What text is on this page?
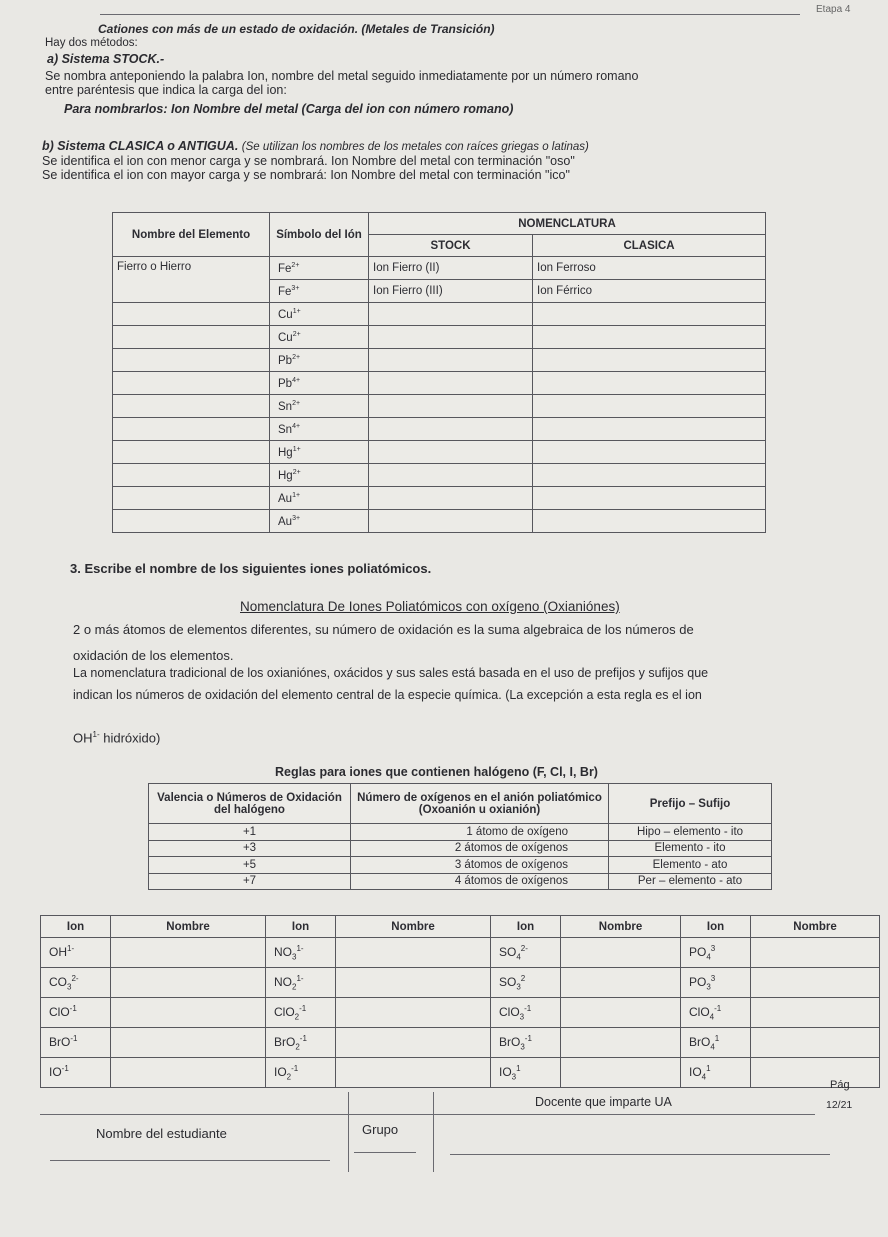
Etapa 4
Cationes con más de un estado de oxidación. (Metales de Transición)
Hay dos métodos:
a) Sistema STOCK.-
Se nombra anteponiendo la palabra Ion, nombre del metal seguido inmediatamente por un número romano
entre paréntesis que indica la carga del ion:
Para nombrarlos: Ion Nombre del metal (Carga del ion con número romano)
b) Sistema CLASICA o ANTIGUA. (Se utilizan los nombres de los metales con raíces griegas o latinas)
Se identifica el ion con menor carga y se nombrará. Ion Nombre del metal con terminación "oso"
Se identifica el ion con mayor carga y se nombrará: Ion Nombre del metal con terminación "ico"
Nombre del Elemento	Símbolo del Ión	NOMENCLATURA	
		STOCK	CLASICA
Fierro o Hierro	$Fe^{2+}$	Ion Fierro (II)	Ion Ferroso
	$Fe^{3+}$	Ion Fierro (III)	Ion Férrico
	$Cu^{1+}$		
	$Cu^{2+}$		
	$Pb^{2+}$		
	$Pb^{4+}$		
	$Sn^{2+}$		
	$Sn^{4+}$		
	$Hg^{1+}$		
	$Hg^{2+}$		
	$Au^{1+}$		
	$Au^{3+}$		
3. Escribe el nombre de los siguientes iones poliatómicos.
Nomenclatura De Iones Poliatómicos con oxígeno (Oxianiónes)
2 o más átomos de elementos diferentes, su número de oxidación es la suma algebraica de los números de
oxidación de los elementos.
La nomenclatura tradicional de los oxianiónes, oxácidos y sus sales está basada en el uso de prefijos y sufijos que
indican los números de oxidación del elemento central de la especie química. (La excepción a esta regla es el ion
$OH^{1-}$ hidróxido)
Reglas para iones que contienen halógeno (F, Cl, I, Br)
Valencia o Números de Oxidación del halógeno	Número de oxígenos en el anión poliatómico (Oxoanión u oxianión)	Prefijo – Sufijo
+1	1 átomo de oxígeno	Hipo – elemento - ito
+3	2 átomos de oxígenos	Elemento - ito
+5	3 átomos de oxígenos	Elemento - ato
+7	4 átomos de oxígenos	Per – elemento - ato
Ion	Nombre	Ion	Nombre	Ion	Nombre	Ion	Nombre
$OH^{1-}$		$NO_3^{1-}$		$SO_4^{2-}$		$PO_4^3$	
$CO_3^{2-}$		$NO_2^{1-}$		$SO_3^2$		$PO_3^3$	
ClO$^{-1}$		ClO$_2^{-1}$		ClO$_3^{-1}$		ClO$_4^{-1}$	
BrO$^{-1}$		BrO$_2^{-1}$		BrO$_3^{-1}$		BrO$_4^1$	
$IO^{-1}$		$IO_2^{-1}$		$IO_3^1$		$IO_4^1$	
Pág
12/21
Docente que imparte UA
Nombre del estudiante	Grupo
